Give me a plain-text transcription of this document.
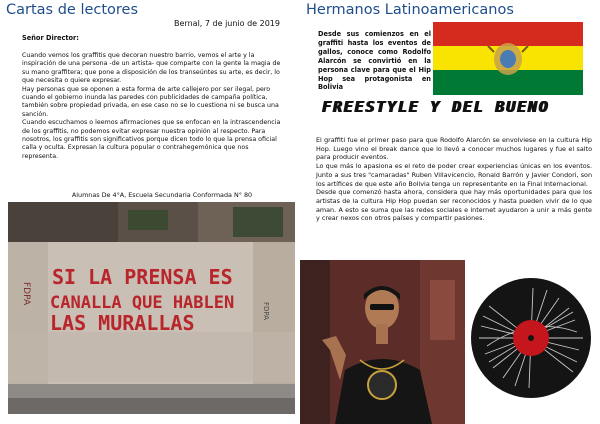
Cartas de lectores
Bernal, 7 de junio de 2019
Señor Director:

Cuando vemos los graffitis que decoran nuestro barrio, vemos el arte y la inspiración de una persona -de un artista- que comparte con la gente la magia de su mano graffitera; que pone a disposición de los transeúntes su arte, es decir, lo que necesita o quiere expresar.

Hay personas que se oponen a esta forma de arte callejero por ser ilegal, pero cuando el gobierno inunda las paredes con publicidades de campaña política, también sobre propiedad privada, en ese caso no se lo cuestiona ni se busca una sanción.

Cuando escuchamos o leemos afirmaciones que se enfocan en la intrascendencia de los graffitis, no podemos evitar expresar nuestra opinión al respecto. Para nosotros, los graffitis son significativos porque dicen todo lo que la prensa oficial calla y oculta. Expresan la cultura popular o contrahegemónica que nos representa.

Alumnas De 4°A, Escuela Secundaria Conformada N° 80
SI LA PRENSA ES
CANALLA QUE HABLEN
LAS MURALLAS
FDPA
FDPA
Hermanos Latinoamericanos
Desde sus comienzos en el graffiti hasta los eventos de gallos, conoce como Rodolfo Alarcón se convirtió en la persona clave para que el Hip Hop sea protagonista en Bolivia
FREESTYLE Y DEL BUENO

El graffiti fue el primer paso para que Rodolfo Alarcón se envolviese en la cultura Hip Hop. Luego vino el break dance que lo llevó a conocer muchos lugares y fue el salto para producir eventos.

Lo que más lo apasiona es el reto de poder crear experiencias únicas en los eventos. Junto a sus tres "camaradas" Ruben Villavicencio, Ronald Barrón y Javier Condori, son los artífices de que este año Bolivia tenga un representante en la Final Internacional.

Desde que comenzó hasta ahora, considera que hay más oportunidades para que los artistas de la cultura Hip Hop puedan ser reconocidos y hasta pueden vivir de lo que aman. A esto se suma que las redes sociales e internet ayudaron a unir a más gente y crear nexos con otros países y compartir pasiones.
